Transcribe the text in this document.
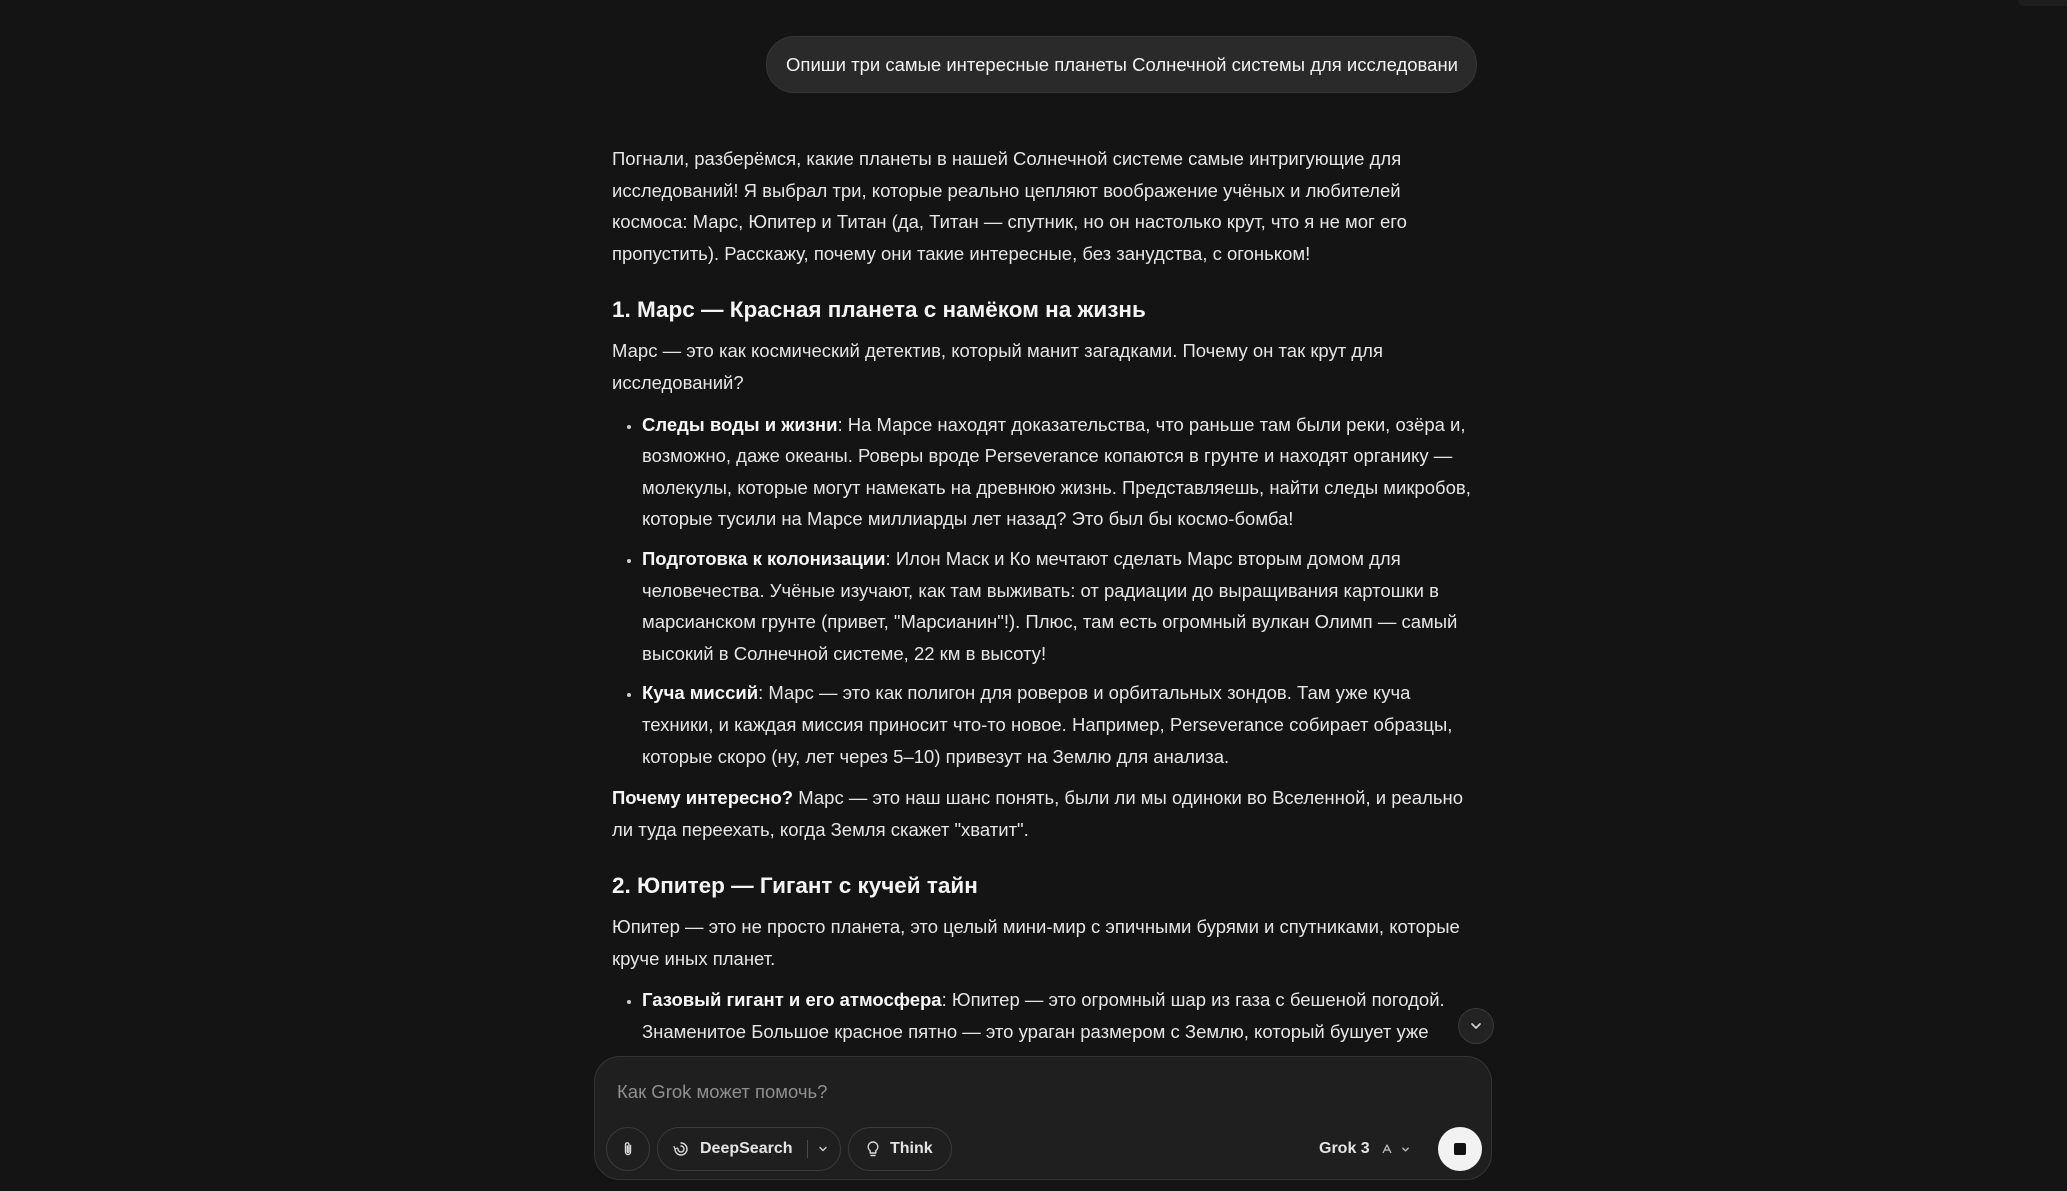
Опиши три самые интересные планеты Солнечной системы для исследовани

Погнали, разберёмся, какие планеты в нашей Солнечной системе самые интригующие для исследований! Я выбрал три, которые реально цепляют воображение учёных и любителей космоса: Марс, Юпитер и Титан (да, Титан — спутник, но он настолько крут, что я не мог его пропустить). Расскажу, почему они такие интересные, без занудства, с огоньком!

1. Марс — Красная планета с намёком на жизнь

Марс — это как космический детектив, который манит загадками. Почему он так крут для исследований?

• Следы воды и жизни: На Марсе находят доказательства, что раньше там были реки, озёра и, возможно, даже океаны. Роверы вроде Perseverance копаются в грунте и находят органику — молекулы, которые могут намекать на древнюю жизнь. Представляешь, найти следы микробов, которые тусили на Марсе миллиарды лет назад? Это был бы космо-бомба!
• Подготовка к колонизации: Илон Маск и Ко мечтают сделать Марс вторым домом для человечества. Учёные изучают, как там выживать: от радиации до выращивания картошки в марсианском грунте (привет, "Марсианин"!). Плюс, там есть огромный вулкан Олимп — самый высокий в Солнечной системе, 22 км в высоту!
• Куча миссий: Марс — это как полигон для роверов и орбитальных зондов. Там уже куча техники, и каждая миссия приносит что-то новое. Например, Perseverance собирает образцы, которые скоро (ну, лет через 5–10) привезут на Землю для анализа.

Почему интересно? Марс — это наш шанс понять, были ли мы одиноки во Вселенной, и реально ли туда переехать, когда Земля скажет "хватит".

2. Юпитер — Гигант с кучей тайн

Юпитер — это не просто планета, это целый мини-мир с эпичными бурями и спутниками, которые круче иных планет.

• Газовый гигант и его атмосфера: Юпитер — это огромный шар из газа с бешеной погодой. Знаменитое Большое красное пятно — это ураган размером с Землю, который бушует уже
Как Grok может помочь?
DeepSearch	Think	Grok 3
